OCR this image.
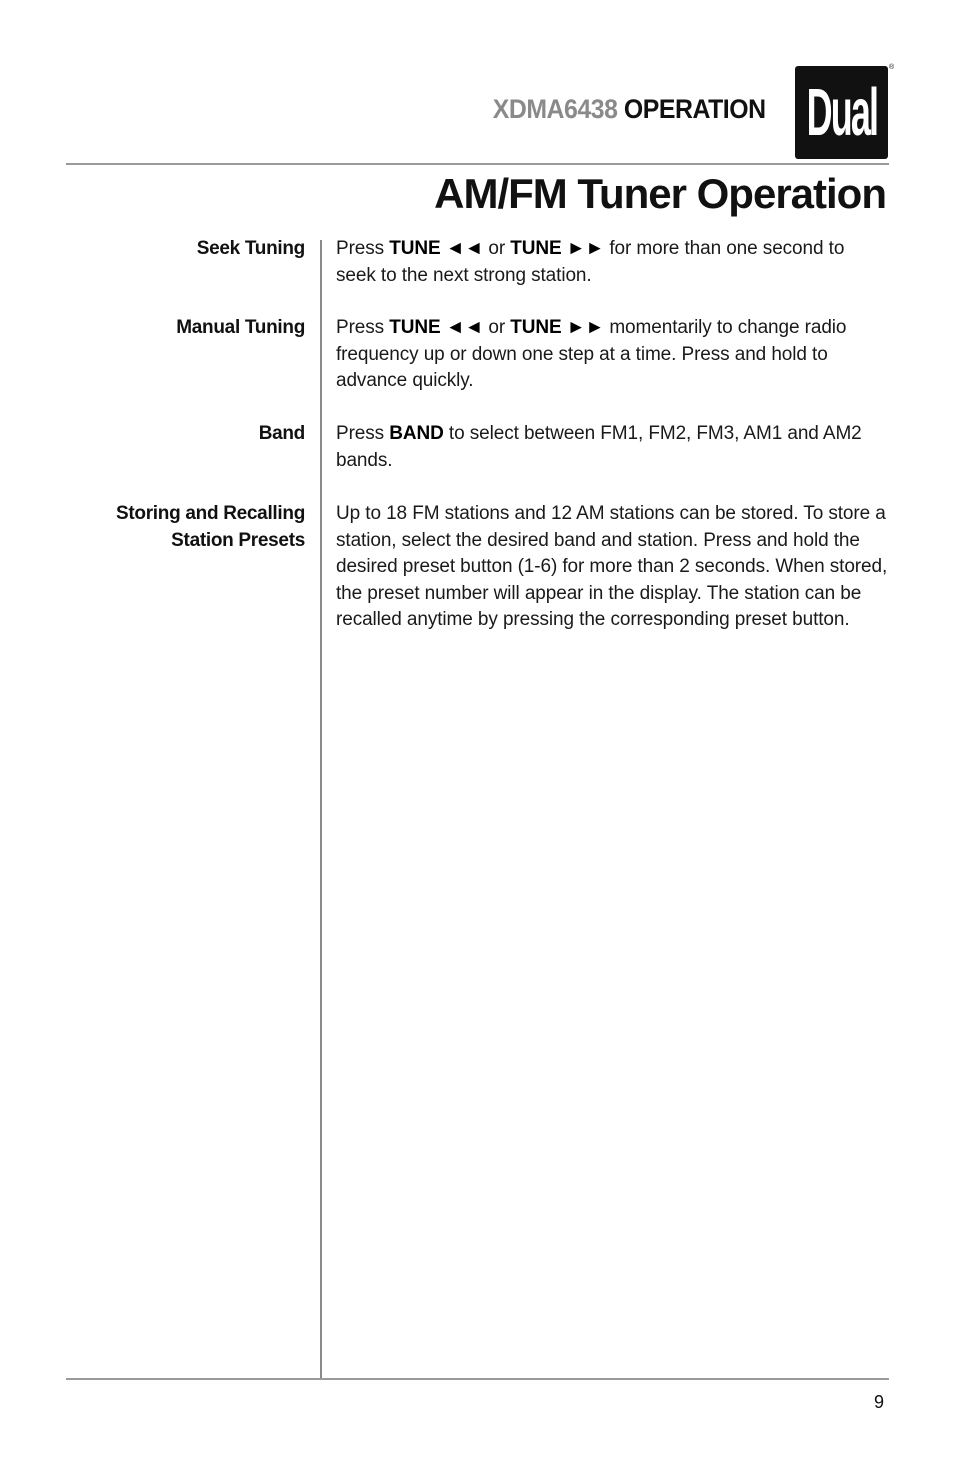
XDMA6438 OPERATION Dual
®
AM/FM Tuner Operation
Seek Tuning Press TUNE ◄◄ or TUNE ►► for more than one second to seek to the next strong station.
Manual Tuning Press TUNE ◄◄ or TUNE ►► momentarily to change radio frequency up or down one step at a time. Press and hold to advance quickly.
Band Press BAND to select between FM1, FM2, FM3, AM1 and AM2 bands.
Storing and Recalling
Station Presets
Up to 18 FM stations and 12 AM stations can be stored. To store a station, select the desired band and station. Press and hold the desired preset button (1-6) for more than 2 seconds. When stored, the preset number will appear in the display. The station can be recalled anytime by pressing the corresponding preset button.
9
